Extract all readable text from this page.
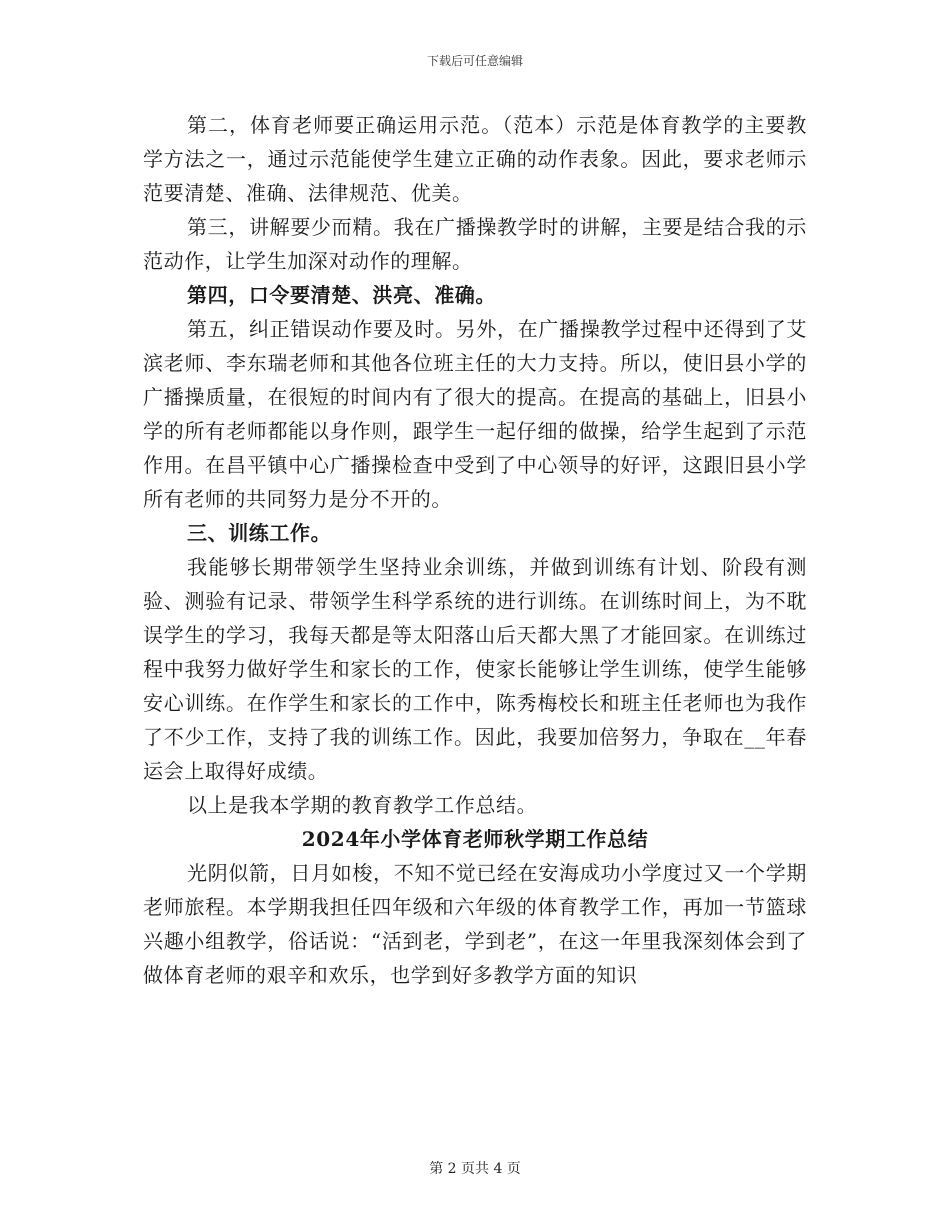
下载后可任意编辑

第二，体育老师要正确运用示范。（范本）示范是体育教学的主要教学方法之一，通过示范能使学生建立正确的动作表象。因此，要求老师示范要清楚、准确、法律规范、优美。

第三，讲解要少而精。我在广播操教学时的讲解，主要是结合我的示范动作，让学生加深对动作的理解。

第四，口令要清楚、洪亮、准确。

第五，纠正错误动作要及时。另外，在广播操教学过程中还得到了艾滨老师、李东瑞老师和其他各位班主任的大力支持。所以，使旧县小学的广播操质量，在很短的时间内有了很大的提高。在提高的基础上，旧县小学的所有老师都能以身作则，跟学生一起仔细的做操，给学生起到了示范作用。在昌平镇中心广播操检查中受到了中心领导的好评，这跟旧县小学所有老师的共同努力是分不开的。

三、训练工作。

我能够长期带领学生坚持业余训练，并做到训练有计划、阶段有测验、测验有记录、带领学生科学系统的进行训练。在训练时间上，为不耽误学生的学习，我每天都是等太阳落山后天都大黑了才能回家。在训练过程中我努力做好学生和家长的工作，使家长能够让学生训练，使学生能够安心训练。在作学生和家长的工作中，陈秀梅校长和班主任老师也为我作了不少工作，支持了我的训练工作。因此，我要加倍努力，争取在__年春运会上取得好成绩。

以上是我本学期的教育教学工作总结。

2024年小学体育老师秋学期工作总结

光阴似箭，日月如梭，不知不觉已经在安海成功小学度过又一个学期老师旅程。本学期我担任四年级和六年级的体育教学工作，再加一节篮球兴趣小组教学，俗话说：“活到老，学到老”，在这一年里我深刻体会到了做体育老师的艰辛和欢乐，也学到好多教学方面的知识

第 2 页共 4 页
